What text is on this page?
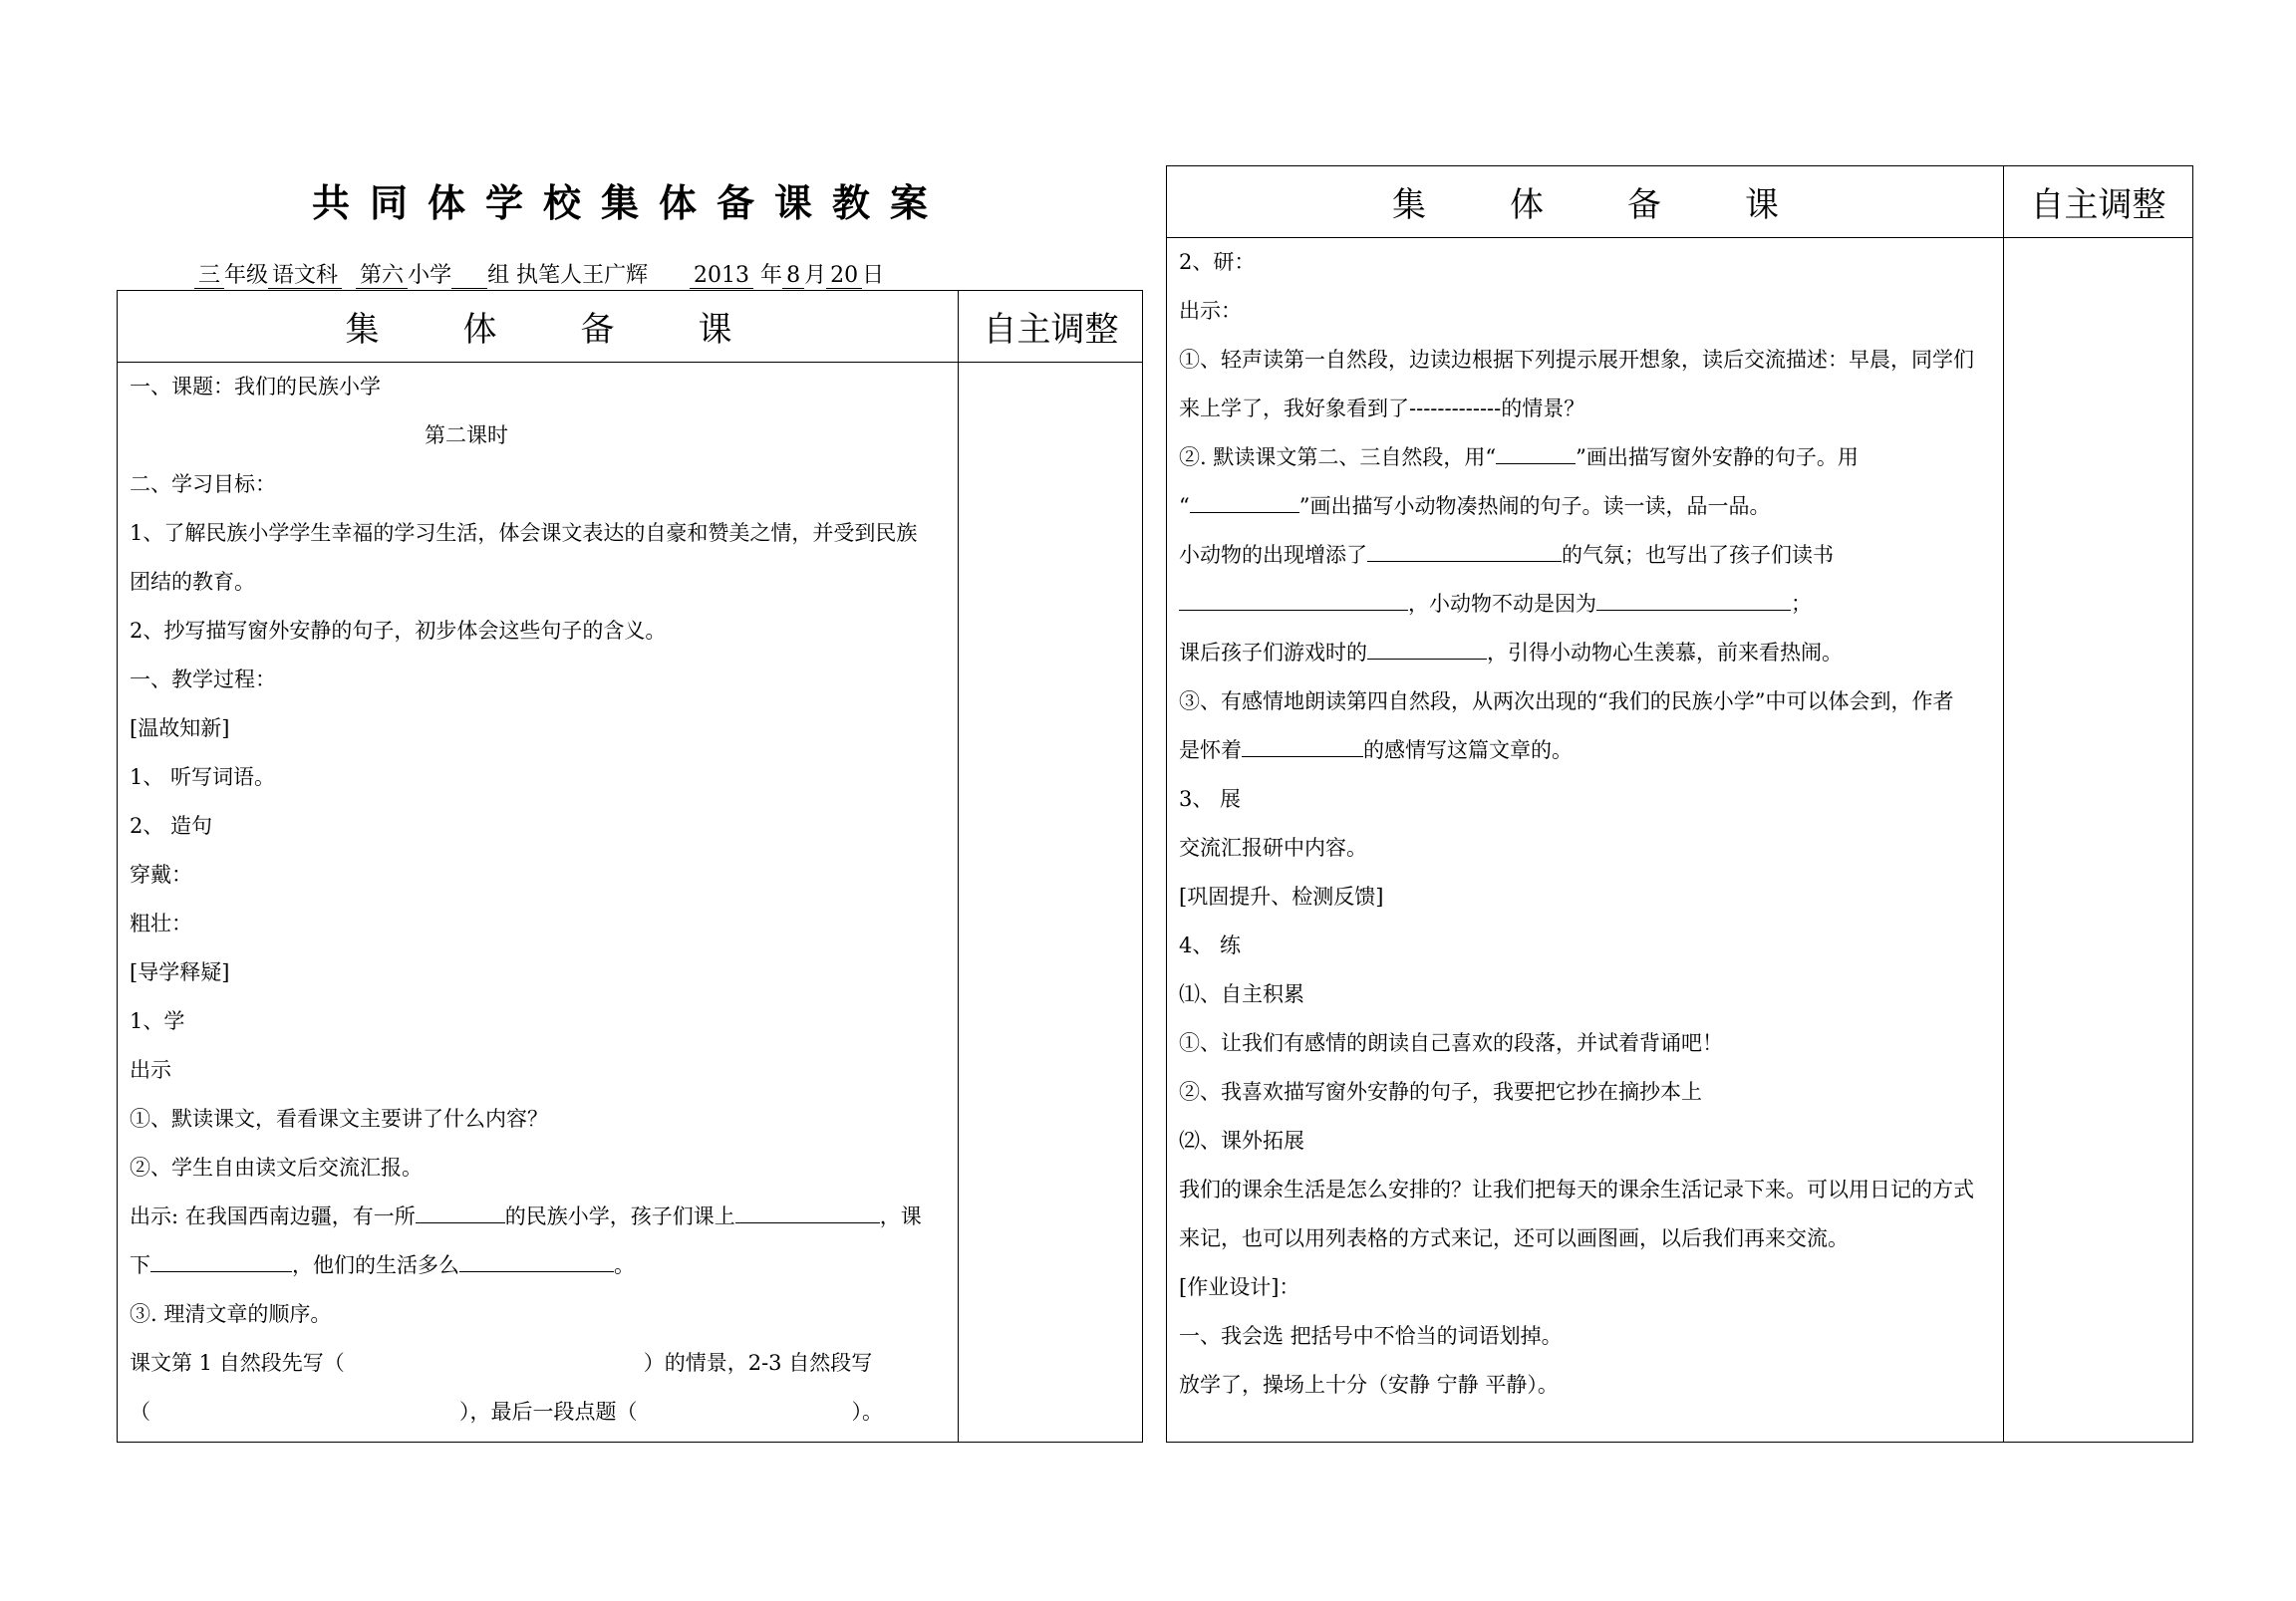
共同体学校集体备课教案
三 年级 语文科 第六 小学 组 执笔人王广辉 2013 年 8 月 20 日
集 体 备 课	自主调整
一、课题：我们的民族小学
第二课时
二、学习目标：
1、了解民族小学学生幸福的学习生活，体会课文表达的自豪和赞美之情，并受到民族
团结的教育。
2、抄写描写窗外安静的句子，初步体会这些句子的含义。
一、教学过程：
[温故知新]
1、 听写词语。
2、 造句
穿戴：
粗壮：
[导学释疑]
1、学
出示
①、默读课文，看看课文主要讲了什么内容？
②、学生自由读文后交流汇报。
出示: 在我国西南边疆，有一所	的民族小学，孩子们课上	，课
下	，他们的生活多么	。
③. 理清文章的顺序。
课文第 1 自然段先写（	）的情景，2-3 自然段写
（	），最后一段点题（	）。
集 体 备 课	自主调整
2、研：
出示：
①、轻声读第一自然段，边读边根据下列提示展开想象，读后交流描述：早晨，同学们
来上学了，我好象看到了-------------的情景？
②. 默读课文第二、三自然段，用“	”画出描写窗外安静的句子。用
“	”画出描写小动物凑热闹的句子。读一读，品一品。
小动物的出现增添了	的气氛；也写出了孩子们读书
，小动物不动是因为	；
课后孩子们游戏时的	，引得小动物心生羡慕，前来看热闹。
③、有感情地朗读第四自然段，从两次出现的“我们的民族小学”中可以体会到，作者
是怀着	的感情写这篇文章的。
3、 展
交流汇报研中内容。
[巩固提升、检测反馈]
4、 练
⑴、自主积累
①、让我们有感情的朗读自己喜欢的段落，并试着背诵吧！
②、我喜欢描写窗外安静的句子，我要把它抄在摘抄本上
⑵、课外拓展
我们的课余生活是怎么安排的？让我们把每天的课余生活记录下来。可以用日记的方式
来记，也可以用列表格的方式来记，还可以画图画，以后我们再来交流。
[作业设计]：
一、我会选 把括号中不恰当的词语划掉。
放学了，操场上十分（安静 宁静 平静）。
